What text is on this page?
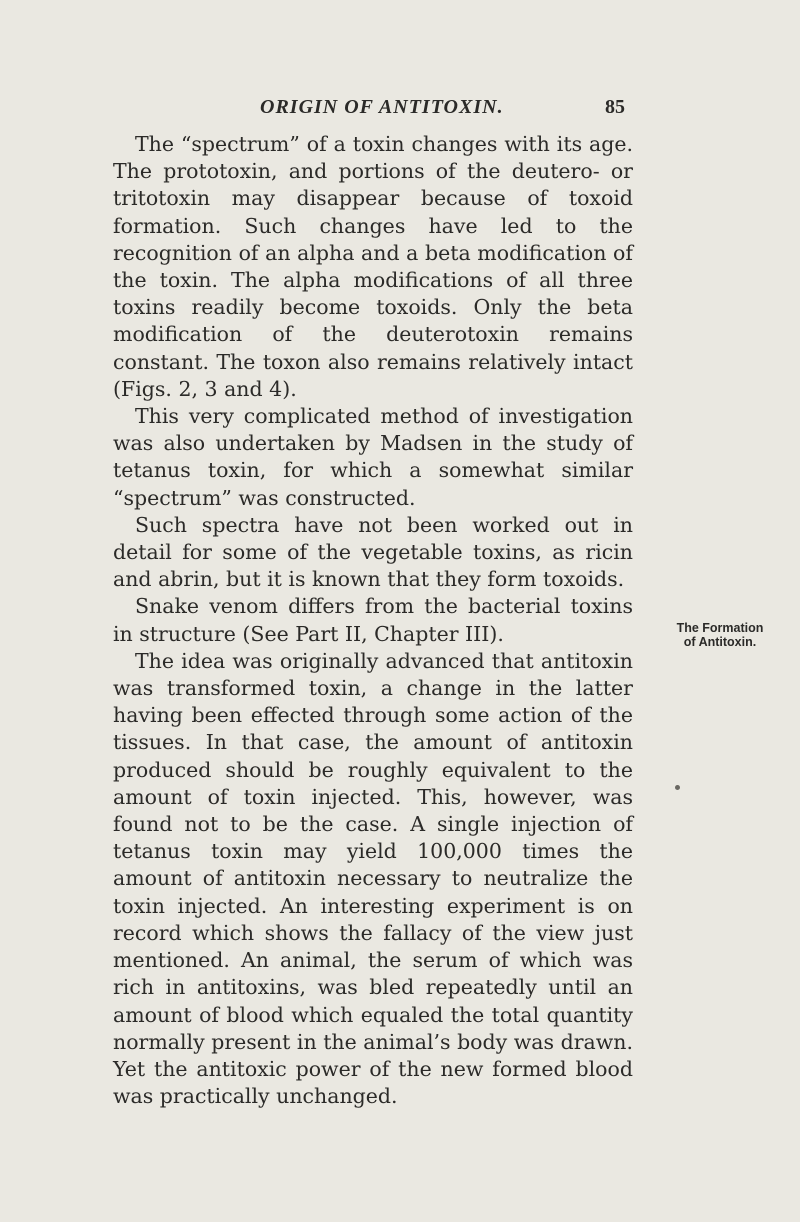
ORIGIN OF ANTITOXIN.	85

The “spectrum” of a toxin changes with its age. The prototoxin, and portions of the deutero- or tritotoxin may disappear because of toxoid formation. Such changes have led to the recognition of an alpha and a beta modification of the toxin. The alpha modifications of all three toxins readily become toxoids. Only the beta modification of the deuterotoxin remains constant. The toxon also remains relatively intact (Figs. 2, 3 and 4).

This very complicated method of investigation was also undertaken by Madsen in the study of tetanus toxin, for which a somewhat similar “spectrum” was constructed.

Such spectra have not been worked out in detail for some of the vegetable toxins, as ricin and abrin, but it is known that they form toxoids.

Snake venom differs from the bacterial toxins in structure (See Part II, Chapter III).

The idea was originally advanced that antitoxin was transformed toxin, a change in the latter having been effected through some action of the tissues. In that case, the amount of antitoxin produced should be roughly equivalent to the amount of toxin injected. This, however, was found not to be the case. A single injection of tetanus toxin may yield 100,000 times the amount of antitoxin necessary to neutralize the toxin injected. An interesting experiment is on record which shows the fallacy of the view just mentioned. An animal, the serum of which was rich in antitoxins, was bled repeatedly until an amount of blood which equaled the total quantity normally present in the animal’s body was drawn. Yet the antitoxic power of the new formed blood was practically unchanged.

The Formation
of Antitoxin.
